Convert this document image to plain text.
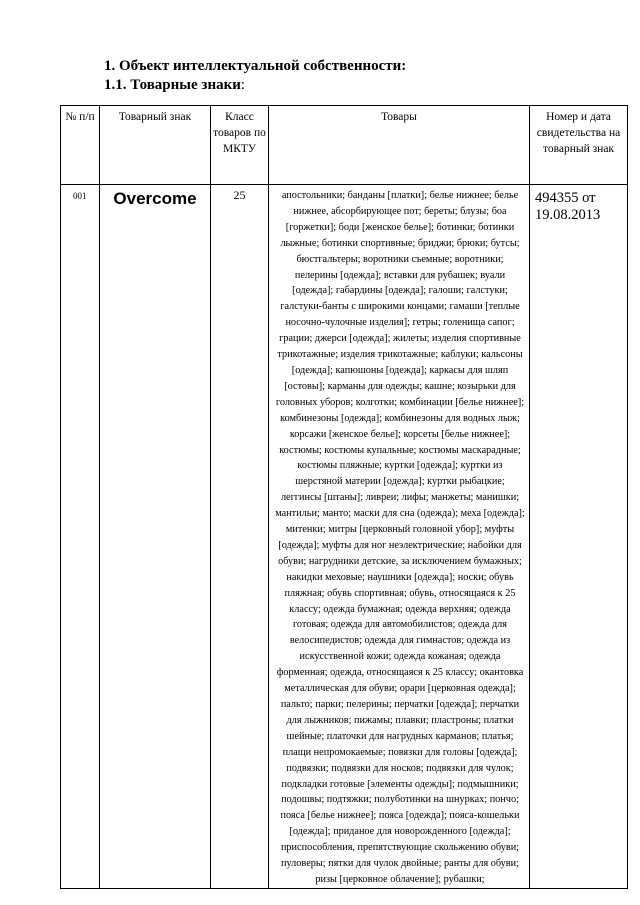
1. Объект интеллектуальной собственности:
1.1. Товарные знаки:
№ п/п	Товарный знак	Класс товаров по МКТУ	Товары	Номер и дата свидетельства на товарный знак
001	Overcome	25	апостольники; банданы [платки]; белье нижнее; белье нижнее, абсорбирующее пот; береты; блузы; боа [горжетки]; боди [женское белье]; ботинки; ботинки лыжные; ботинки спортивные; бриджи; брюки; бутсы; бюстгальтеры; воротники съемные; воротники; пелерины [одежда]; вставки для рубашек; вуали [одежда]; габардины [одежда]; галоши; галстуки; галстуки-банты с широкими концами; гамаши [теплые носочно-чулочные изделия]; гетры; голенища сапог; грации; джерси [одежда]; жилеты; изделия спортивные трикотажные; изделия трикотажные; каблуки; кальсоны [одежда]; капюшоны [одежда]; каркасы для шляп [остовы]; карманы для одежды; кашне; козырьки для головных уборов; колготки; комбинации [белье нижнее]; комбинезоны [одежда]; комбинезоны для водных лыж; корсажи [женское белье]; корсеты [белье нижнее]; костюмы; костюмы купальные; костюмы маскарадные; костюмы пляжные; куртки [одежда]; куртки из шерстяной материи [одежда]; куртки рыбацкие; леггинсы [штаны]; ливреи; лифы; манжеты; манишки; мантильи; манто; маски для сна (одежда); меха [одежда]; митенки; митры [церковный головной убор]; муфты [одежда]; муфты для ног неэлектрические; набойки для обуви; нагрудники детские, за исключением бумажных; накидки меховые; наушники [одежда]; носки; обувь пляжная; обувь спортивная; обувь, относящаяся к 25 классу; одежда бумажная; одежда верхняя; одежда готовая; одежда для автомобилистов; одежда для велосипедистов; одежда для гимнастов; одежда из искусственной кожи; одежда кожаная; одежда форменная; одежда, относящаяся к 25 классу; окантовка металлическая для обуви; орари [церковная одежда]; пальто; парки; пелерины; перчатки [одежда]; перчатки для лыжников; пижамы; плавки; пластроны; платки шейные; платочки для нагрудных карманов; платья; плащи непромокаемые; повязки для головы [одежда]; подвязки; подвязки для носков; подвязки для чулок; подкладки готовые [элементы одежды]; подмышники; подошвы; подтяжки; полуботинки на шнурках; пончо; пояса [белье нижнее]; пояса [одежда]; пояса-кошельки [одежда]; приданое для новорожденного [одежда]; приспособления, препятствующие скольжению обуви; пуловеры; пятки для чулок двойные; ранты для обуви; ризы [церковное облачение]; рубашки;	494355 от 19.08.2013
